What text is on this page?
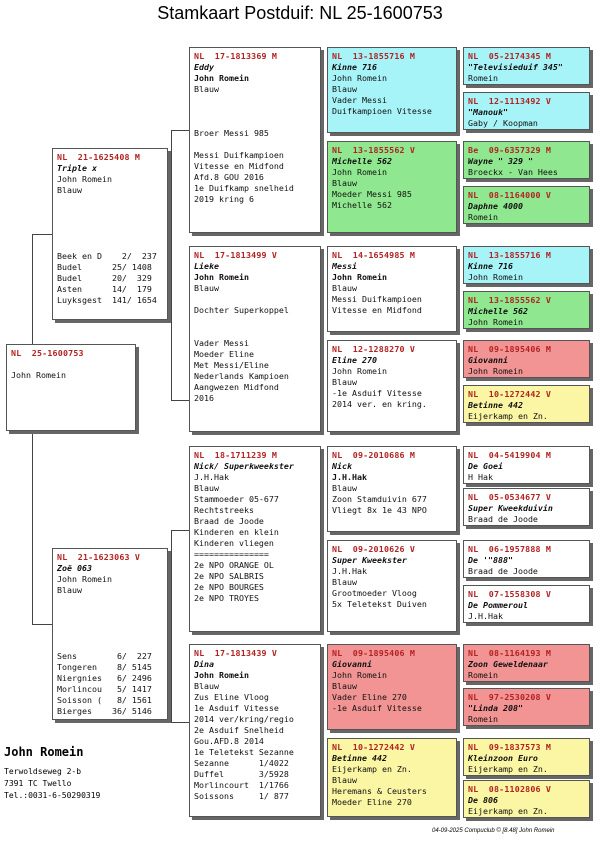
Stamkaart Postduif: NL 25-1600753
NL  25-1600753

John Romein
NL  21-1625408 M
Triple x
John Romein
Blauw

Beek en D    2/  237
Budel      25/ 1408
Budel      20/  329
Asten      14/  179
Luyksgest  141/ 1654
NL  21-1623063 V
Zoë 063
John Romein
Blauw

Sens        6/  227
Tongeren    8/ 5145
Niergnies   6/ 2496
Morlincou   5/ 1417
Soisson (   8/ 1561
Bierges    36/ 5146
NL  17-1813369 M
Eddy
John Romein
Blauw

Broer Messi 985

Messi Duifkampioen
Vitesse en Midfond
Afd.8 GOU 2016
1e Duifkamp snelheid
2019 kring 6
NL  17-1813499 V
Lieke
John Romein
Blauw

Dochter Superkoppel

Vader Messi
Moeder Eline
Met Messi/Eline
Nederlands Kampioen
Aangwezen Midfond
2016
NL  18-1711239 M
Nick/ Superkweekster
J.H.Hak
Blauw
Stammoeder 05-677
Rechtstreeks
Braad de Joode
Kinderen en klein
Kinderen vliegen
===============
2e NPO ORANGE OL
2e NPO SALBRIS
2e NPO BOURGES
2e NPO TROYES
NL  17-1813439 V
Dina
John Romein
Blauw
Zus Eline Vloog
1e Asduif Vitesse
2014 ver/kring/regio
2e Asduif Snelheid
Gou.AFD.8 2014
1e Teletekst Sezanne
Sezanne      1/4022
Duffel       3/5928
Morlincourt  1/1766
Soissons     1/ 877
NL  13-1855716 M
Kinne 716
John Romein
Blauw
Vader Messi
Duifkampioen Vitesse
NL  13-1855562 V
Michelle 562
John Romein
Blauw
Moeder Messi 985
Michelle 562
NL  14-1654985 M
Messi
John Romein
Blauw
Messi Duifkampioen
Vitesse en Midfond
NL  12-1288270 V
Eline 270
John Romein
Blauw
-1e Asduif Vitesse
2014 ver. en kring.
NL  09-2010686 M
Nick
J.H.Hak
Blauw
Zoon Stamduivin 677
Vliegt 8x 1e 43 NPO
NL  09-2010626 V
Super Kweekster
J.H.Hak
Blauw
Grootmoeder Vloog
5x Teletekst Duiven
NL  09-1895406 M
Giovanni
John Romein
Blauw
Vader Eline 270
-1e Asduif Vitesse
NL  10-1272442 V
Betinne 442
Eijerkamp en Zn.
Blauw
Heremans & Ceusters
Moeder Eline 270
NL  05-2174345 M
"Televisieduif 345"
Romein
NL  12-1113492 V
"Manouk"
Gaby / Koopman
Be  09-6357329 M
Wayne " 329 "
Broeckx - Van Hees
NL  08-1164000 V
Daphne 4000
Romein
NL  13-1855716 M
Kinne 716
John Romein
NL  13-1855562 V
Michelle 562
John Romein
NL  09-1895406 M
Giovanni
John Romein
NL  10-1272442 V
Betinne 442
Eijerkamp en Zn.
NL  04-5419904 M
De Goei
H Hak
NL  05-0534677 V
Super Kweekduivin
Braad de Joode
NL  06-1957888 M
De '"888"
Braad de Joode
NL  07-1558308 V
De Pommeroul
J.H.Hak
NL  08-1164193 M
Zoon Geweldenaar
Romein
NL  97-2530208 V
"Linda 208"
Romein
NL  09-1837573 M
Kleinzoon Euro
Eijerkamp en Zn.
NL  08-1102806 V
De 806
Eijerkamp en Zn.
John Romein
Terwoldseweg 2-b
7391 TC Twello
Tel.:0031-6-50290319
04-09-2025 Compuclub © [8.48] John Romein
